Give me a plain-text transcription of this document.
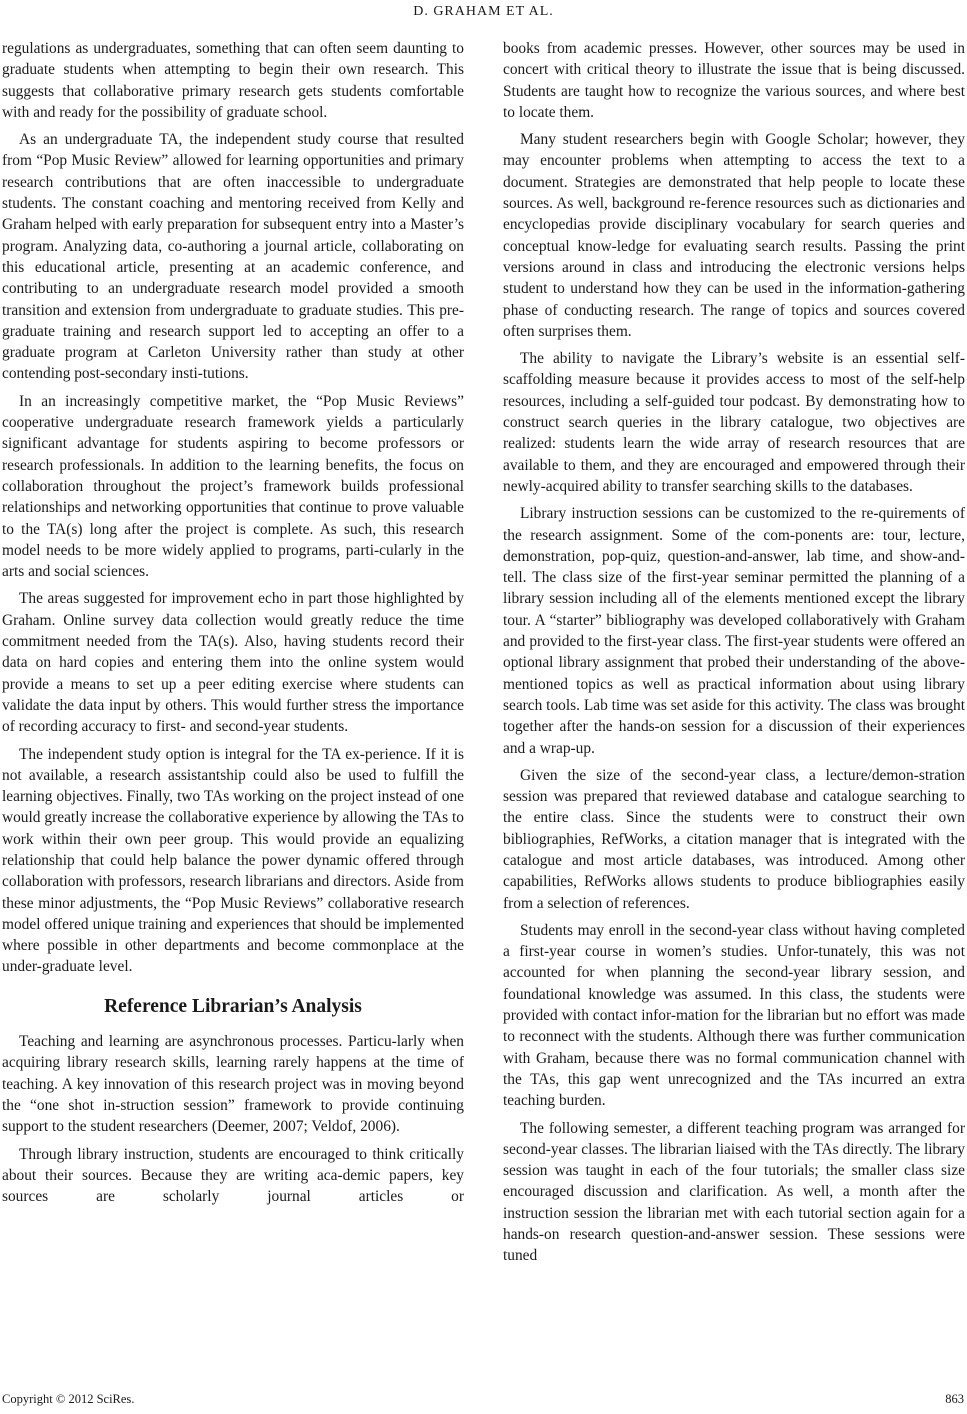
D. GRAHAM ET AL.

regulations as undergraduates, something that can often seem daunting to graduate students when attempting to begin their own research. This suggests that collaborative primary research gets students comfortable with and ready for the possibility of graduate school.

As an undergraduate TA, the independent study course that resulted from “Pop Music Review” allowed for learning opportunities and primary research contributions that are often inaccessible to undergraduate students. The constant coaching and mentoring received from Kelly and Graham helped with early preparation for subsequent entry into a Master’s program. Analyzing data, co-authoring a journal article, collaborating on this educational article, presenting at an academic conference, and contributing to an undergraduate research model provided a smooth transition and extension from undergraduate to graduate studies. This pre-graduate training and research support led to accepting an offer to a graduate program at Carleton University rather than study at other contending post-secondary insti-tutions.

In an increasingly competitive market, the “Pop Music Reviews” cooperative undergraduate research framework yields a particularly significant advantage for students aspiring to become professors or research professionals. In addition to the learning benefits, the focus on collaboration throughout the project’s framework builds professional relationships and networking opportunities that continue to prove valuable to the TA(s) long after the project is complete. As such, this research model needs to be more widely applied to programs, parti-cularly in the arts and social sciences.

The areas suggested for improvement echo in part those highlighted by Graham. Online survey data collection would greatly reduce the time commitment needed from the TA(s). Also, having students record their data on hard copies and entering them into the online system would provide a means to set up a peer editing exercise where students can validate the data input by others. This would further stress the importance of recording accuracy to first- and second-year students.

The independent study option is integral for the TA ex-perience. If it is not available, a research assistantship could also be used to fulfill the learning objectives. Finally, two TAs working on the project instead of one would greatly increase the collaborative experience by allowing the TAs to work within their own peer group. This would provide an equalizing relationship that could help balance the power dynamic offered through collaboration with professors, research librarians and directors. Aside from these minor adjustments, the “Pop Music Reviews” collaborative research model offered unique training and experiences that should be implemented where possible in other departments and become commonplace at the under-graduate level.

Reference Librarian’s Analysis

Teaching and learning are asynchronous processes. Particu-larly when acquiring library research skills, learning rarely happens at the time of teaching. A key innovation of this research project was in moving beyond the “one shot in-struction session” framework to provide continuing support to the student researchers (Deemer, 2007; Veldof, 2006).

Through library instruction, students are encouraged to think critically about their sources. Because they are writing aca-demic papers, key sources are scholarly journal articles or

books from academic presses. However, other sources may be used in concert with critical theory to illustrate the issue that is being discussed. Students are taught how to recognize the various sources, and where best to locate them.

Many student researchers begin with Google Scholar; however, they may encounter problems when attempting to access the text to a document. Strategies are demonstrated that help people to locate these sources. As well, background re-ference resources such as dictionaries and encyclopedias provide disciplinary vocabulary for search queries and conceptual know-ledge for evaluating search results. Passing the print versions around in class and introducing the electronic versions helps student to understand how they can be used in the information-gathering phase of conducting research. The range of topics and sources covered often surprises them.

The ability to navigate the Library’s website is an essential self-scaffolding measure because it provides access to most of the self-help resources, including a self-guided tour podcast. By demonstrating how to construct search queries in the library catalogue, two objectives are realized: students learn the wide array of research resources that are available to them, and they are encouraged and empowered through their newly-acquired ability to transfer searching skills to the databases.

Library instruction sessions can be customized to the re-quirements of the research assignment. Some of the com-ponents are: tour, lecture, demonstration, pop-quiz, question-and-answer, lab time, and show-and-tell. The class size of the first-year seminar permitted the planning of a library session including all of the elements mentioned except the library tour. A “starter” bibliography was developed collaboratively with Graham and provided to the first-year class. The first-year students were offered an optional library assignment that probed their understanding of the above-mentioned topics as well as practical information about using library search tools. Lab time was set aside for this activity. The class was brought together after the hands-on session for a discussion of their experiences and a wrap-up.

Given the size of the second-year class, a lecture/demon-stration session was prepared that reviewed database and catalogue searching to the entire class. Since the students were to construct their own bibliographies, RefWorks, a citation manager that is integrated with the catalogue and most article databases, was introduced. Among other capabilities, RefWorks allows students to produce bibliographies easily from a selection of references.

Students may enroll in the second-year class without having completed a first-year course in women’s studies. Unfor-tunately, this was not accounted for when planning the second-year library session, and foundational knowledge was assumed. In this class, the students were provided with contact infor-mation for the librarian but no effort was made to reconnect with the students. Although there was further communication with Graham, because there was no formal communication channel with the TAs, this gap went unrecognized and the TAs incurred an extra teaching burden.

The following semester, a different teaching program was arranged for second-year classes. The librarian liaised with the TAs directly. The library session was taught in each of the four tutorials; the smaller class size encouraged discussion and clarification. As well, a month after the instruction session the librarian met with each tutorial section again for a hands-on research question-and-answer session. These sessions were tuned

Copyright © 2012 SciRes.	863
